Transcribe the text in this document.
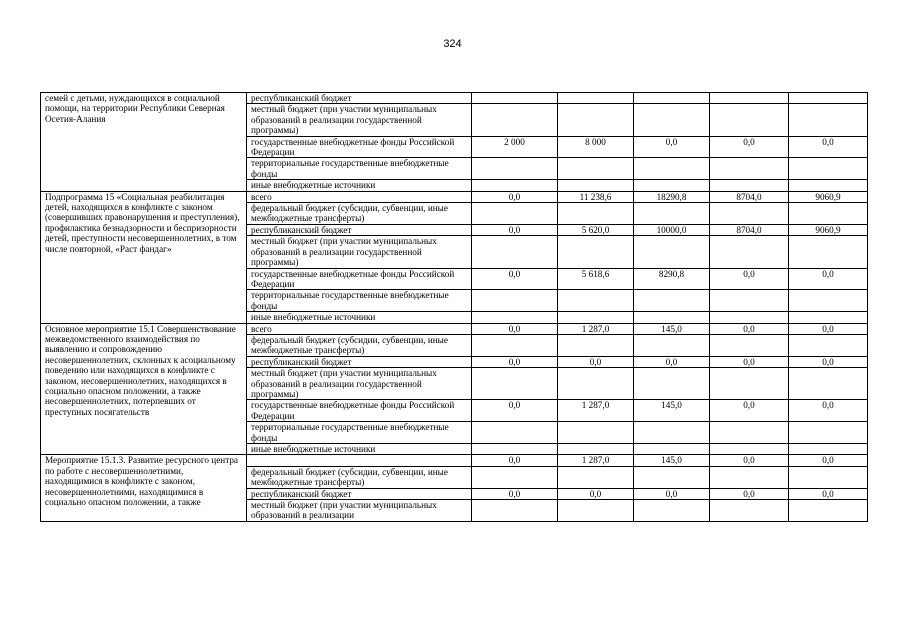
324
семей с детьми, нуждающихся в социальной помощи, на территории Республики Северная Осетия-Алания	республиканский бюджет					
	местный бюджет (при участии муниципальных образований в реализации государственной программы)					
	государственные внебюджетные фонды Российской Федерации	2 000	8 000	0,0	0,0	0,0
	территориальные государственные внебюджетные фонды					
	иные внебюджетные источники					
Подпрограмма 15 «Социальная реабилитация детей, находящихся в конфликте с законом (совершивших правонарушения и преступления), профилактика безнадзорности и беспризорности детей, преступности несовершеннолетних, в том числе повторной, «Раст фандаг»	всего	0,0	11 238,6	18290,8	8704,0	9060,9
	федеральный бюджет (субсидии, субвенции, иные межбюджетные трансферты)					
	республиканский бюджет	0,0	5 620,0	10000,0	8704,0	9060,9
	местный бюджет (при участии муниципальных образований в реализации государственной программы)					
	государственные внебюджетные фонды Российской Федерации	0,0	5 618,6	8290,8	0,0	0,0
	территориальные государственные внебюджетные фонды					
	иные внебюджетные источники					
Основное мероприятие 15.1 Совершенствование межведомственного взаимодействия по выявлению и сопровождению несовершеннолетних, склонных к асоциальному поведению или находящихся в конфликте с законом, несовершеннолетних, находящихся в социально опасном положении, а также несовершеннолетних, потерпевших от преступных посягательств	всего	0,0	1 287,0	145,0	0,0	0,0
	федеральный бюджет (субсидии, субвенции, иные межбюджетные трансферты)					
	республиканский бюджет	0,0	0,0	0,0	0,0	0,0
	местный бюджет (при участии муниципальных образований в реализации государственной программы)					
	государственные внебюджетные фонды Российской Федерации	0,0	1 287,0	145,0	0,0	0,0
	территориальные государственные внебюджетные фонды					
	иные внебюджетные источники					
Мероприятие 15.1.3. Развитие ресурсного центра по работе с несовершеннолетними, находящимися в конфликте с законом, несовершеннолетними, находящимися в социально опасном положении, а также		0,0	1 287,0	145,0	0,0	0,0
	федеральный бюджет (субсидии, субвенции, иные межбюджетные трансферты)					
	республиканский бюджет	0,0	0,0	0,0	0,0	0,0
	местный бюджет (при участии муниципальных образований в реализации					
